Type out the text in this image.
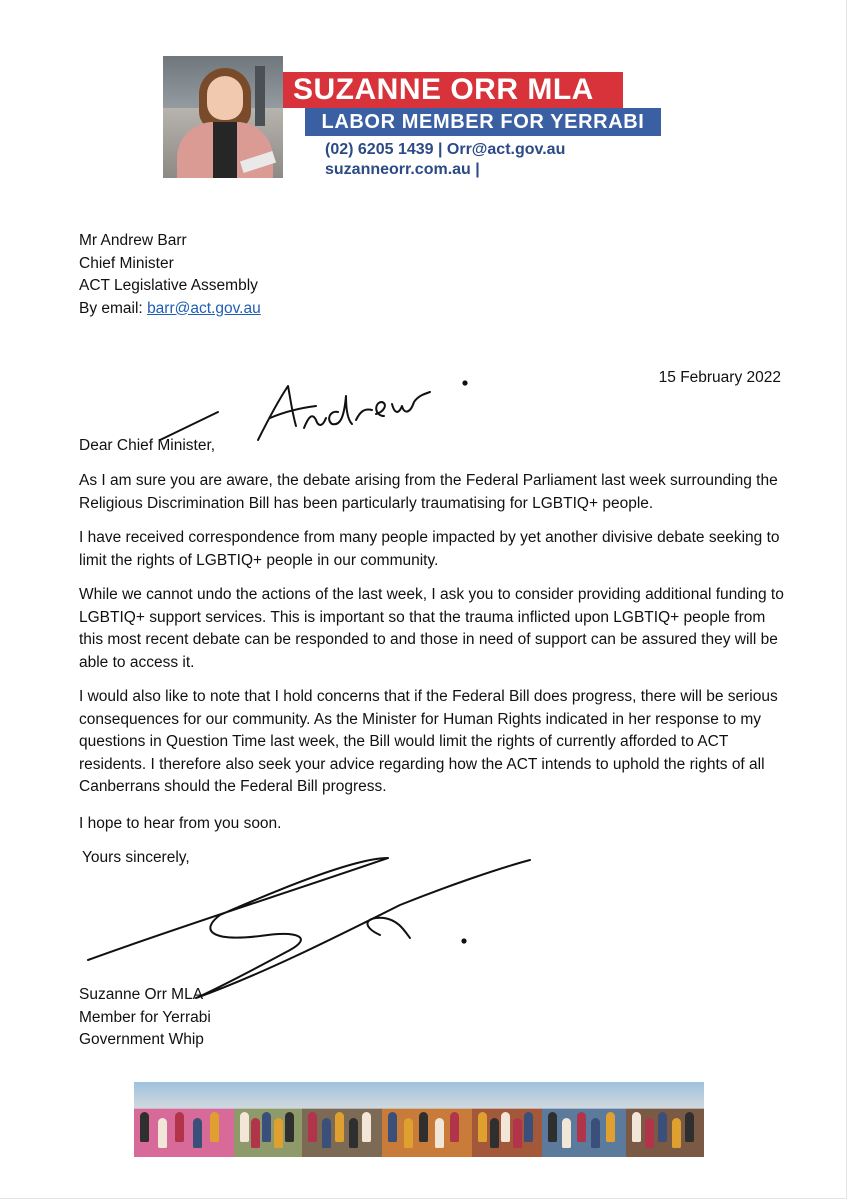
SUZANNE ORR MLA
LABOR MEMBER FOR YERRABI
(02) 6205 1439 | Orr@act.gov.au
suzanneorr.com.au |
Mr Andrew Barr
Chief Minister
ACT Legislative Assembly
By email: barr@act.gov.au
15 February 2022
Dear Chief Minister,
As I am sure you are aware, the debate arising from the Federal Parliament last week surrounding the Religious Discrimination Bill has been particularly traumatising for LGBTIQ+ people.
I have received correspondence from many people impacted by yet another divisive debate seeking to limit the rights of LGBTIQ+ people in our community.
While we cannot undo the actions of the last week, I ask you to consider providing additional funding to LGBTIQ+ support services. This is important so that the trauma inflicted upon LGBTIQ+ people from this most recent debate can be responded to and those in need of support can be assured they will be able to access it.
I would also like to note that I hold concerns that if the Federal Bill does progress, there will be serious consequences for our community. As the Minister for Human Rights indicated in her response to my questions in Question Time last week, the Bill would limit the rights of currently afforded to ACT residents. I therefore also seek your advice regarding how the ACT intends to uphold the rights of all Canberrans should the Federal Bill progress.
I hope to hear from you soon.
Yours sincerely,
Suzanne Orr MLA
Member for Yerrabi
Government Whip
